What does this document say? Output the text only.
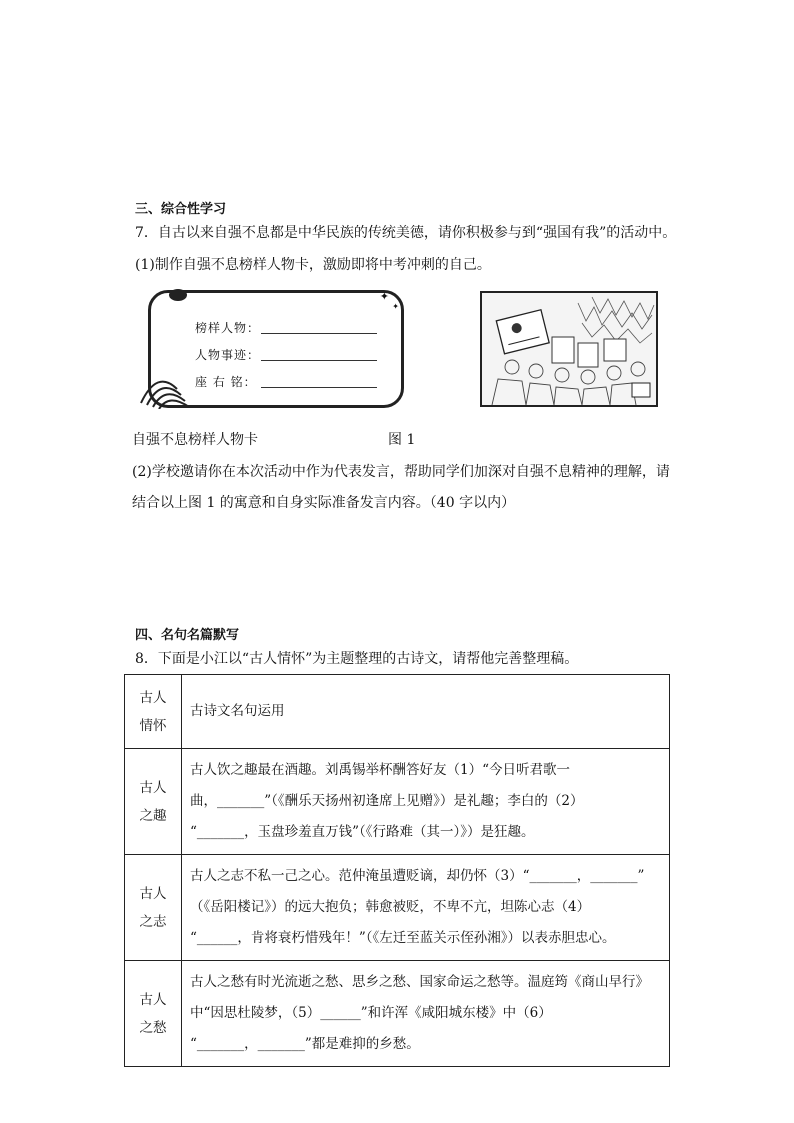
三、综合性学习
7．自古以来自强不息都是中华民族的传统美德，请你积极参与到“强国有我”的活动中。
(1)制作自强不息榜样人物卡，激励即将中考冲刺的自己。
✦
✦
榜样人物：
人物事迹：
座 右 铭：
自强不息榜样人物卡	图 1
(2)学校邀请你在本次活动中作为代表发言，帮助同学们加深对自强不息精神的理解，请
结合以上图 1 的寓意和自身实际准备发言内容。（40 字以内）
四、名句名篇默写
8．下面是小江以“古人情怀”为主题整理的古诗文，请帮他完善整理稿。
古人
情怀	古诗文名句运用

古人
之趣	古人饮之趣最在酒趣。刘禹锡举杯酬答好友（1）“今日听君歌一
曲，_______”（《酬乐天扬州初逢席上见赠》）是礼趣；李白的（2）
“_______，玉盘珍羞直万钱”（《行路难（其一）》）是狂趣。

古人
之志	古人之志不私一己之心。范仲淹虽遭贬谪，却仍怀（3）“_______，_______”
（《岳阳楼记》）的远大抱负；韩愈被贬，不卑不亢，坦陈心志（4）
“______，肯将衰朽惜残年！”（《左迁至蓝关示侄孙湘》）以表赤胆忠心。

古人
之愁	古人之愁有时光流逝之愁、思乡之愁、国家命运之愁等。温庭筠《商山早行》
中“因思杜陵梦，（5）______”和许浑《咸阳城东楼》中（6）
“_______，_______”都是难抑的乡愁。
